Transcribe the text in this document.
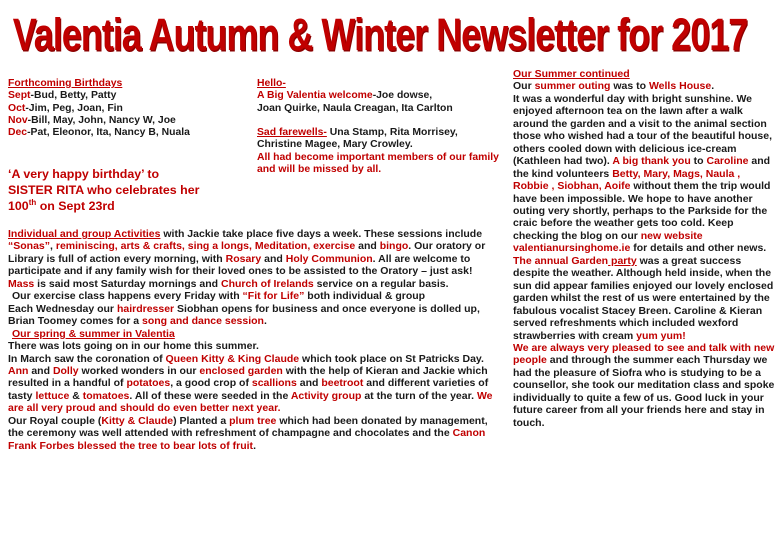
Valentia Autumn & Winter Newsletter for 2017

Forthcoming Birthdays

Sept-Bud, Betty, Patty

Oct-Jim, Peg, Joan, Fin

Nov-Bill, May, John, Nancy W, Joe

Dec-Pat, Eleonor, Ita, Nancy B, Nuala

‘A very happy birthday’ to
SISTER RITA who celebrates her
100th on Sept 23rd

Hello-

A Big Valentia welcome-Joe dowse,

Joan Quirke, Naula Creagan, Ita Carlton

Sad farewells- Una Stamp, Rita Morrisey, Christine Magee, Mary Crowley.

All had become important members of our family and will be missed by all.

Individual and group Activities with Jackie take place five days a week. These sessions include “Sonas”, reminiscing, arts & crafts, sing a longs, Meditation, exercise and bingo. Our oratory or Library is full of action every morning, with Rosary and Holy Communion. All are welcome to participate and if any family wish for their loved ones to be assisted to the Oratory – just ask! Mass is said most Saturday mornings and Church of Irelands service on a regular basis.

Our exercise class happens every Friday with “Fit for Life” both individual & group

Each Wednesday our hairdresser Siobhan opens for business and once everyone is dolled up, Brian Toomey comes for a song and dance session.

Our spring & summer in Valentia

There was lots going on in our home this summer.

In March saw the coronation of Queen Kitty & King Claude which took place on St Patricks Day.

Ann and Dolly worked wonders in our enclosed garden with the help of Kieran and Jackie which resulted in a handful of potatoes, a good crop of scallions and beetroot and different varieties of tasty lettuce & tomatoes. All of these were seeded in the Activity group at the turn of the year. We are all very proud and should do even better next year.

Our Royal couple (Kitty & Claude) Planted a plum tree which had been donated by management, the ceremony was well attended with refreshment of champagne and chocolates and the Canon Frank Forbes blessed the tree to bear lots of fruit.

Our Summer continued

Our summer outing was to Wells House.
It was a wonderful day with bright sunshine. We enjoyed afternoon tea on the lawn after a walk around the garden and a visit to the animal section those who wished had a tour of the beautiful house, others cooled down with delicious ice-cream (Kathleen had two). A big thank you to Caroline and the kind volunteers Betty, Mary, Mags, Naula , Robbie , Siobhan, Aoife without them the trip would have been impossible. We hope to have another outing very shortly, perhaps to the Parkside for the craic before the weather gets too cold. Keep checking the blog on our new website valentianursinghome.ie for details and other news.

The annual Garden party was a great success despite the weather. Although held inside, when the sun did appear families enjoyed our lovely enclosed garden whilst the rest of us were entertained by the fabulous vocalist Stacey Breen. Caroline & Kieran served refreshments which included wexford strawberries with cream yum yum!
We are always very pleased to see and talk with new people and through the summer each Thursday we had the pleasure of Siofra who is studying to be a counsellor, she took our meditation class and spoke individually to quite a few of us. Good luck in your future career from all your friends here and stay in touch.
